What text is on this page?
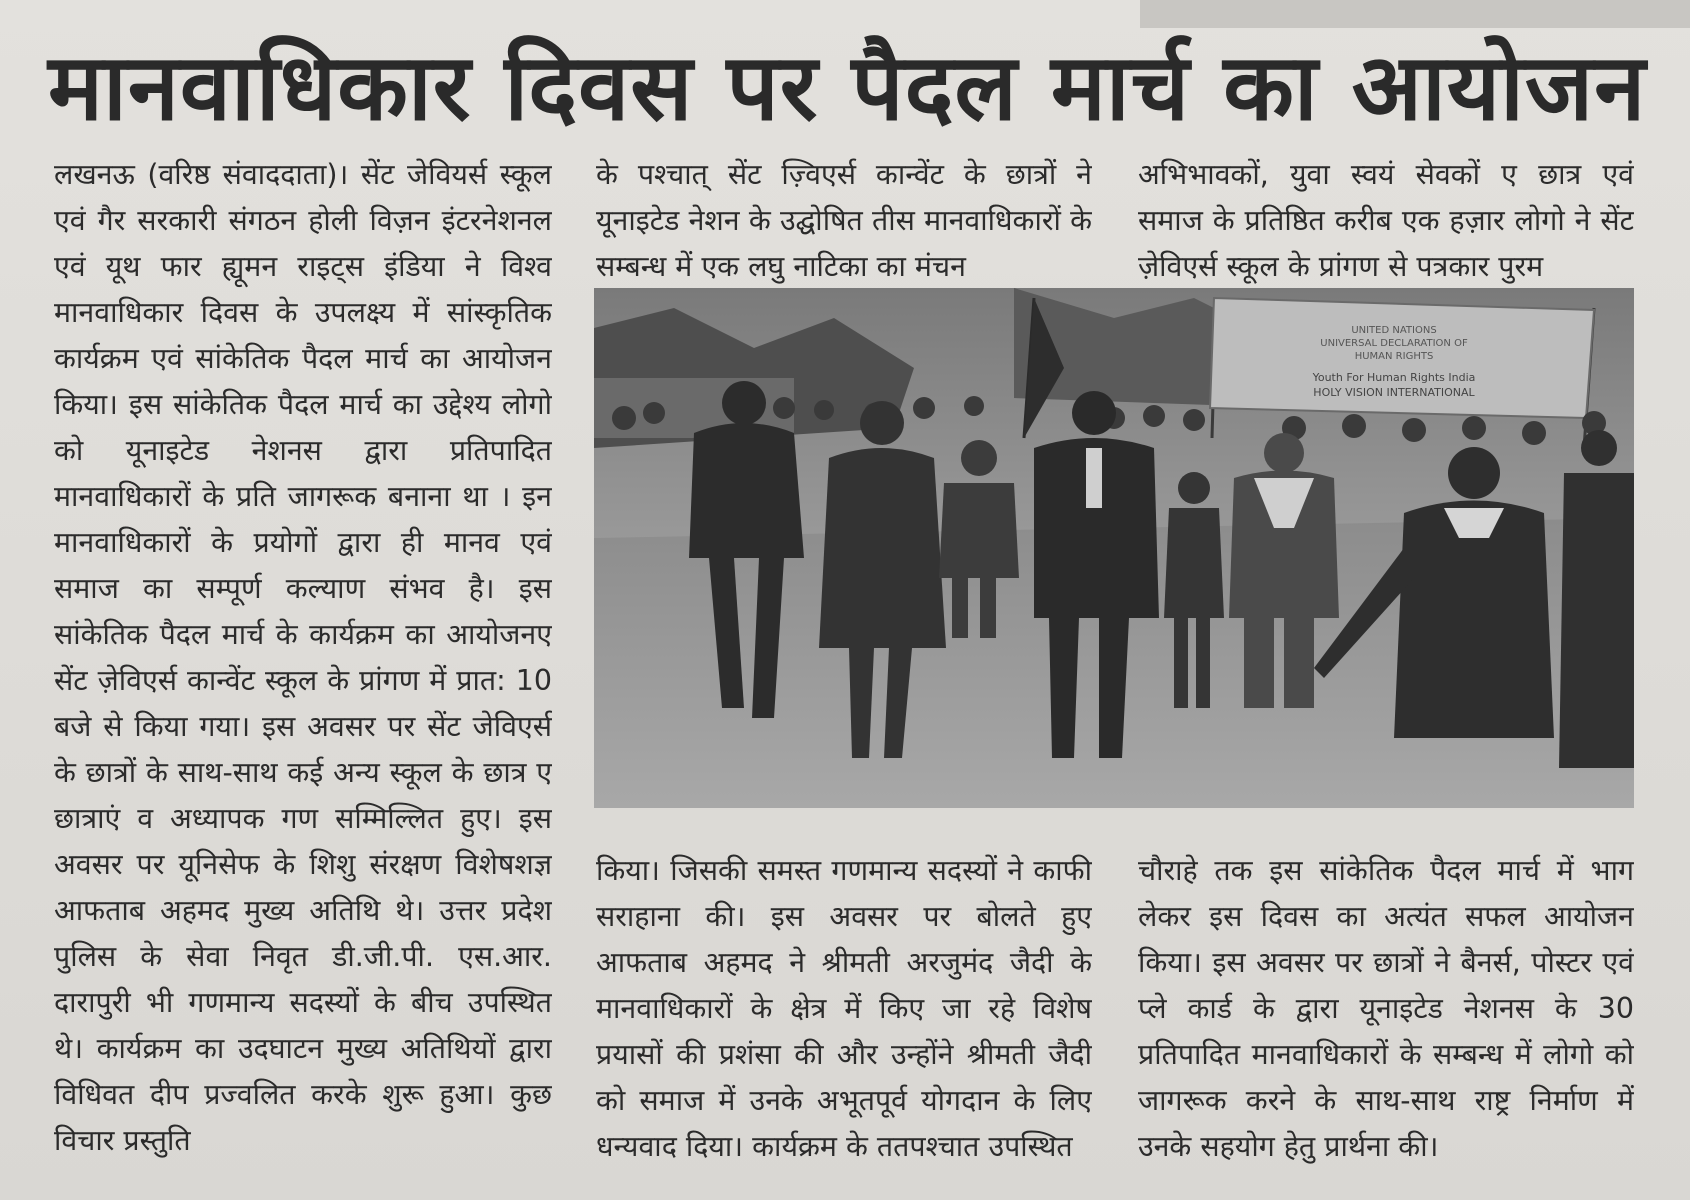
मानवाधिकार दिवस पर पैदल मार्च का आयोजन

लखनऊ (वरिष्ठ संवाददाता)। सेंट जेवियर्स स्कूल एवं गैर सरकारी संगठन होली विज़न इंटरनेशनल एवं यूथ फार ह्यूमन राइट्स इंडिया ने विश्व मानवाधिकार दिवस के उपलक्ष्य में सांस्कृतिक कार्यक्रम एवं सांकेतिक पैदल मार्च का आयोजन किया। इस सांकेतिक पैदल मार्च का उद्देश्य लोगो को यूनाइटेड नेशनस द्वारा प्रतिपादित मानवाधिकारों के प्रति जागरूक बनाना था । इन मानवाधिकारों के प्रयोगों द्वारा ही मानव एवं समाज का सम्पूर्ण कल्याण संभव है। इस सांकेतिक पैदल मार्च के कार्यक्रम का आयोजनए सेंट ज़ेविएर्स कान्वेंट स्कूल के प्रांगण में प्रात: 10 बजे से किया गया। इस अवसर पर सेंट जेविएर्स के छात्रों के साथ-साथ कई अन्य स्कूल के छात्र ए छात्राएं व अध्यापक गण सम्मिल्लित हुए। इस अवसर पर यूनिसेफ के शिशु संरक्षण विशेषशज्ञ आफताब अहमद मुख्य अतिथि थे। उत्तर प्रदेश पुलिस के सेवा निवृत डी.जी.पी. एस.आर. दारापुरी भी गणमान्य सदस्यों के बीच उपस्थित थे। कार्यक्रम का उदघाटन मुख्य अतिथियों द्वारा विधिवत दीप प्रज्वलित करके शुरू हुआ। कुछ विचार प्रस्तुति

के पश्चात् सेंट ज़्विएर्स कान्वेंट के छात्रों ने यूनाइटेड नेशन के उद्घोषित तीस मानवाधिकारों के सम्बन्ध में एक लघु नाटिका का मंचन

अभिभावकों, युवा स्वयं सेवकों ए छात्र एवं समाज के प्रतिष्ठित करीब एक हज़ार लोगो ने सेंट ज़ेविएर्स स्कूल के प्रांगण से पत्रकार पुरम

UNITED NATIONS
UNIVERSAL DECLARATION OF
HUMAN RIGHTS
Youth For Human Rights India
HOLY VISION INTERNATIONAL

किया। जिसकी समस्त गणमान्य सदस्यों ने काफी सराहाना की। इस अवसर पर बोलते हुए आफताब अहमद ने श्रीमती अरजुमंद जैदी के मानवाधिकारों के क्षेत्र में किए जा रहे विशेष प्रयासों की प्रशंसा की और उन्होंने श्रीमती जैदी को समाज में उनके अभूतपूर्व योगदान के लिए धन्यवाद दिया। कार्यक्रम के ततपश्चात उपस्थित

चौराहे तक इस सांकेतिक पैदल मार्च में भाग लेकर इस दिवस का अत्यंत सफल आयोजन किया। इस अवसर पर छात्रों ने बैनर्स, पोस्टर एवं प्ले कार्ड के द्वारा यूनाइटेड नेशनस के 30 प्रतिपादित मानवाधिकारों के सम्बन्ध में लोगो को जागरूक करने के साथ-साथ राष्ट्र निर्माण में उनके सहयोग हेतु प्रार्थना की।
